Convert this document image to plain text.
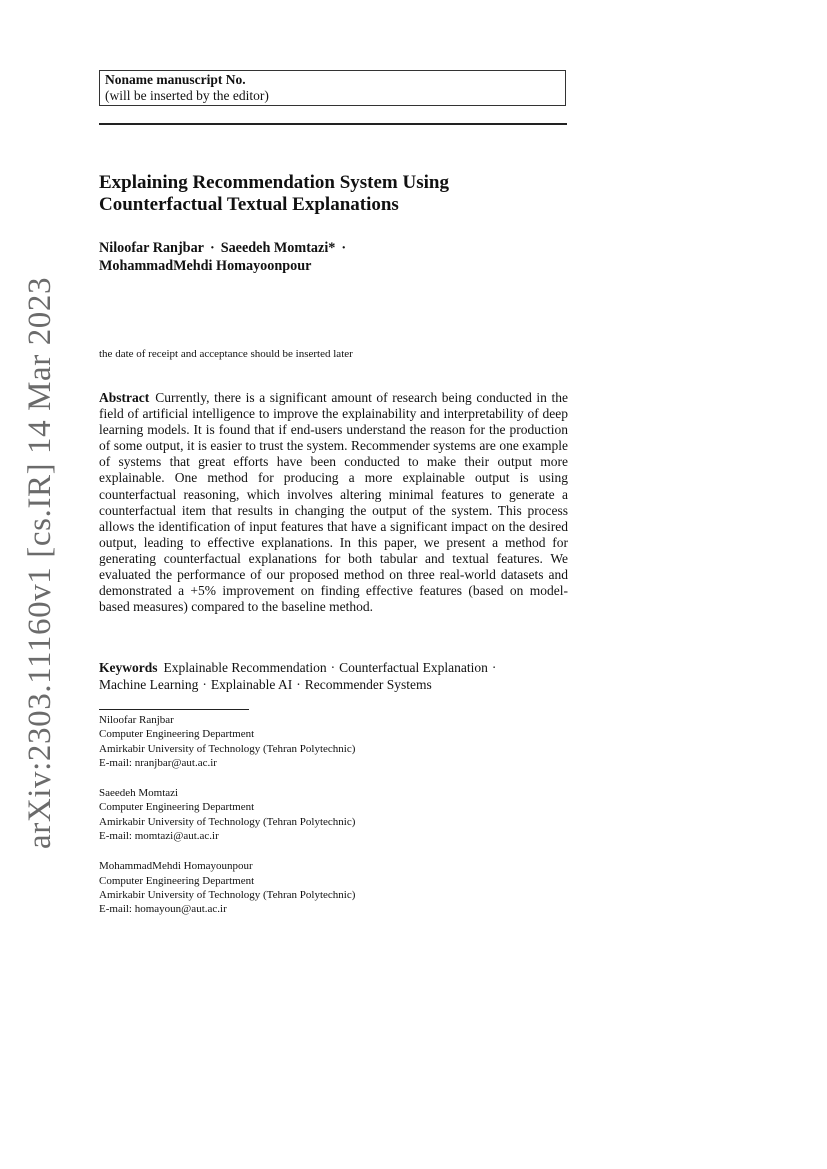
arXiv:2303.11160v1 [cs.IR] 14 Mar 2023
Noname manuscript No.
(will be inserted by the editor)
Explaining Recommendation System Using
Counterfactual Textual Explanations
Niloofar Ranjbar · Saeedeh Momtazi* ·
MohammadMehdi Homayoonpour
the date of receipt and acceptance should be inserted later
Abstract Currently, there is a significant amount of research being conducted in the field of artificial intelligence to improve the explainability and interpretability of deep learning models. It is found that if end-users understand the reason for the production of some output, it is easier to trust the system. Recommender systems are one example of systems that great efforts have been conducted to make their output more explainable. One method for producing a more explainable output is using counterfactual reasoning, which involves altering minimal features to generate a counterfactual item that results in changing the output of the system. This process allows the identification of input features that have a significant impact on the desired output, leading to effective explanations. In this paper, we present a method for generating counterfactual explanations for both tabular and textual features. We evaluated the performance of our proposed method on three real-world datasets and demonstrated a +5% improvement on finding effective features (based on model-based measures) compared to the baseline method.
Keywords Explainable Recommendation · Counterfactual Explanation ·
Machine Learning · Explainable AI · Recommender Systems
Niloofar Ranjbar
Computer Engineering Department
Amirkabir University of Technology (Tehran Polytechnic)
E-mail: nranjbar@aut.ac.ir
Saeedeh Momtazi
Computer Engineering Department
Amirkabir University of Technology (Tehran Polytechnic)
E-mail: momtazi@aut.ac.ir
MohammadMehdi Homayounpour
Computer Engineering Department
Amirkabir University of Technology (Tehran Polytechnic)
E-mail: homayoun@aut.ac.ir
